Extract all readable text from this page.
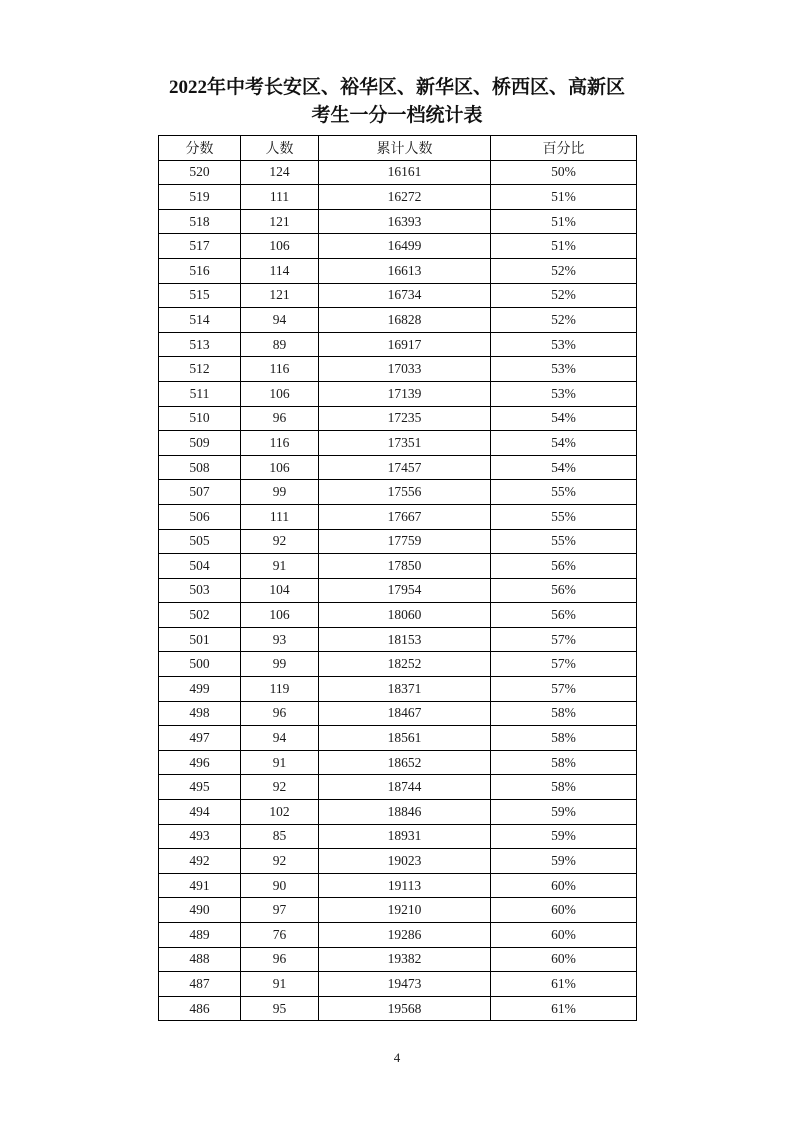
2022年中考长安区、裕华区、新华区、桥西区、高新区
考生一分一档统计表
分数	人数	累计人数	百分比
520	124	16161	50%
519	111	16272	51%
518	121	16393	51%
517	106	16499	51%
516	114	16613	52%
515	121	16734	52%
514	94	16828	52%
513	89	16917	53%
512	116	17033	53%
511	106	17139	53%
510	96	17235	54%
509	116	17351	54%
508	106	17457	54%
507	99	17556	55%
506	111	17667	55%
505	92	17759	55%
504	91	17850	56%
503	104	17954	56%
502	106	18060	56%
501	93	18153	57%
500	99	18252	57%
499	119	18371	57%
498	96	18467	58%
497	94	18561	58%
496	91	18652	58%
495	92	18744	58%
494	102	18846	59%
493	85	18931	59%
492	92	19023	59%
491	90	19113	60%
490	97	19210	60%
489	76	19286	60%
488	96	19382	60%
487	91	19473	61%
486	95	19568	61%
4
